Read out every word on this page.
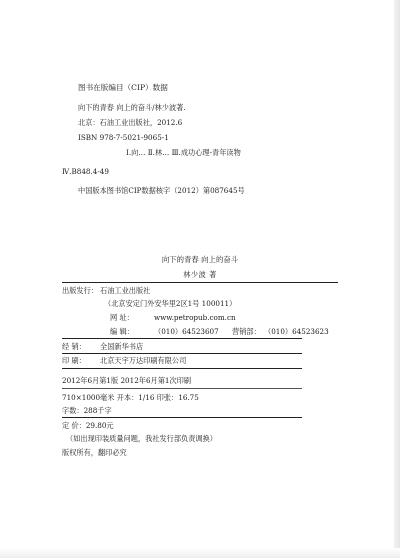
图书在版编目（CIP）数据
向下的青春 向上的奋斗/林少波著.
北京：石油工业出版社，2012.6
ISBN 978-7-5021-9065-1
Ⅰ.向… Ⅱ.林… Ⅲ.成功心理-青年读物
Ⅳ.B848.4-49
中国版本图书馆CIP数据核字（2012）第087645号
向下的青春 向上的奋斗
林少波 著
出版发行： 石油工业出版社
（北京安定门外安华里2区1号 100011）
网 址：	www.petropub.com.cn
编 辑：	（010）64523607 营销部： （010）64523623
经 销： 全国新华书店
印 刷： 北京天宇万达印刷有限公司
2012年6月第1版 2012年6月第1次印刷
710×1000毫米 开本：1/16 印张：16.75
字数：288千字
定 价：29.80元
（如出现印装质量问题，我社发行部负责调换）
版权所有，翻印必究
